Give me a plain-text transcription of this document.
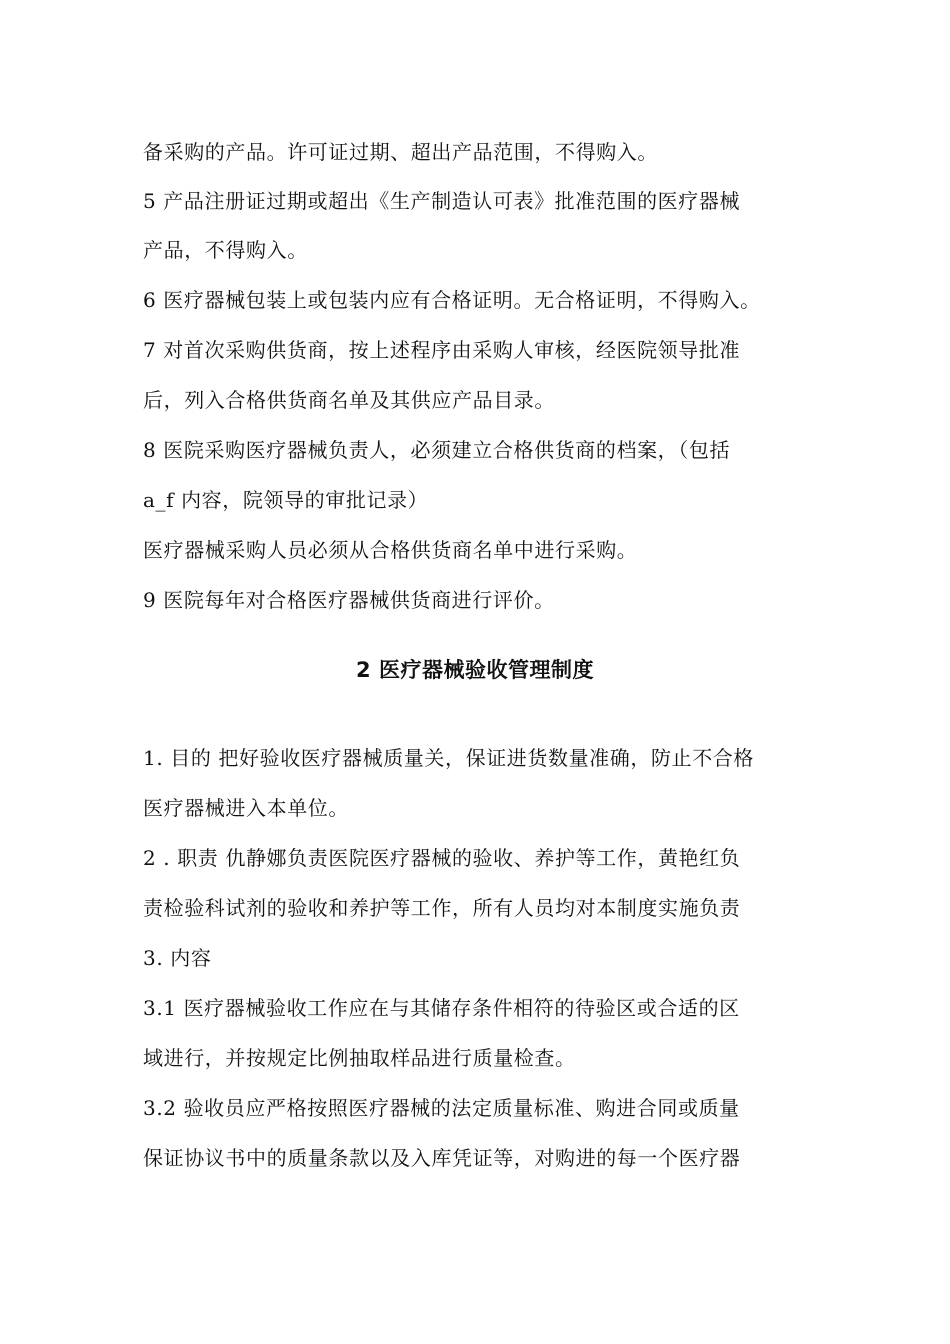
备采购的产品。许可证过期、超出产品范围，不得购入。
5 产品注册证过期或超出《生产制造认可表》批准范围的医疗器械
产品，不得购入。
6 医疗器械包装上或包装内应有合格证明。无合格证明，不得购入。
7 对首次采购供货商，按上述程序由采购人审核，经医院领导批准
后，列入合格供货商名单及其供应产品目录。
8 医院采购医疗器械负责人，必须建立合格供货商的档案，（包括
a_f 内容，院领导的审批记录）
医疗器械采购人员必须从合格供货商名单中进行采购。
9 医院每年对合格医疗器械供货商进行评价。
2 医疗器械验收管理制度
1. 目的 把好验收医疗器械质量关，保证进货数量准确，防止不合格
医疗器械进入本单位。
2 . 职责 仇静娜负责医院医疗器械的验收、养护等工作，黄艳红负
责检验科试剂的验收和养护等工作，所有人员均对本制度实施负责
3. 内容
3.1 医疗器械验收工作应在与其储存条件相符的待验区或合适的区
域进行，并按规定比例抽取样品进行质量检查。
3.2 验收员应严格按照医疗器械的法定质量标准、购进合同或质量
保证协议书中的质量条款以及入库凭证等，对购进的每一个医疗器
